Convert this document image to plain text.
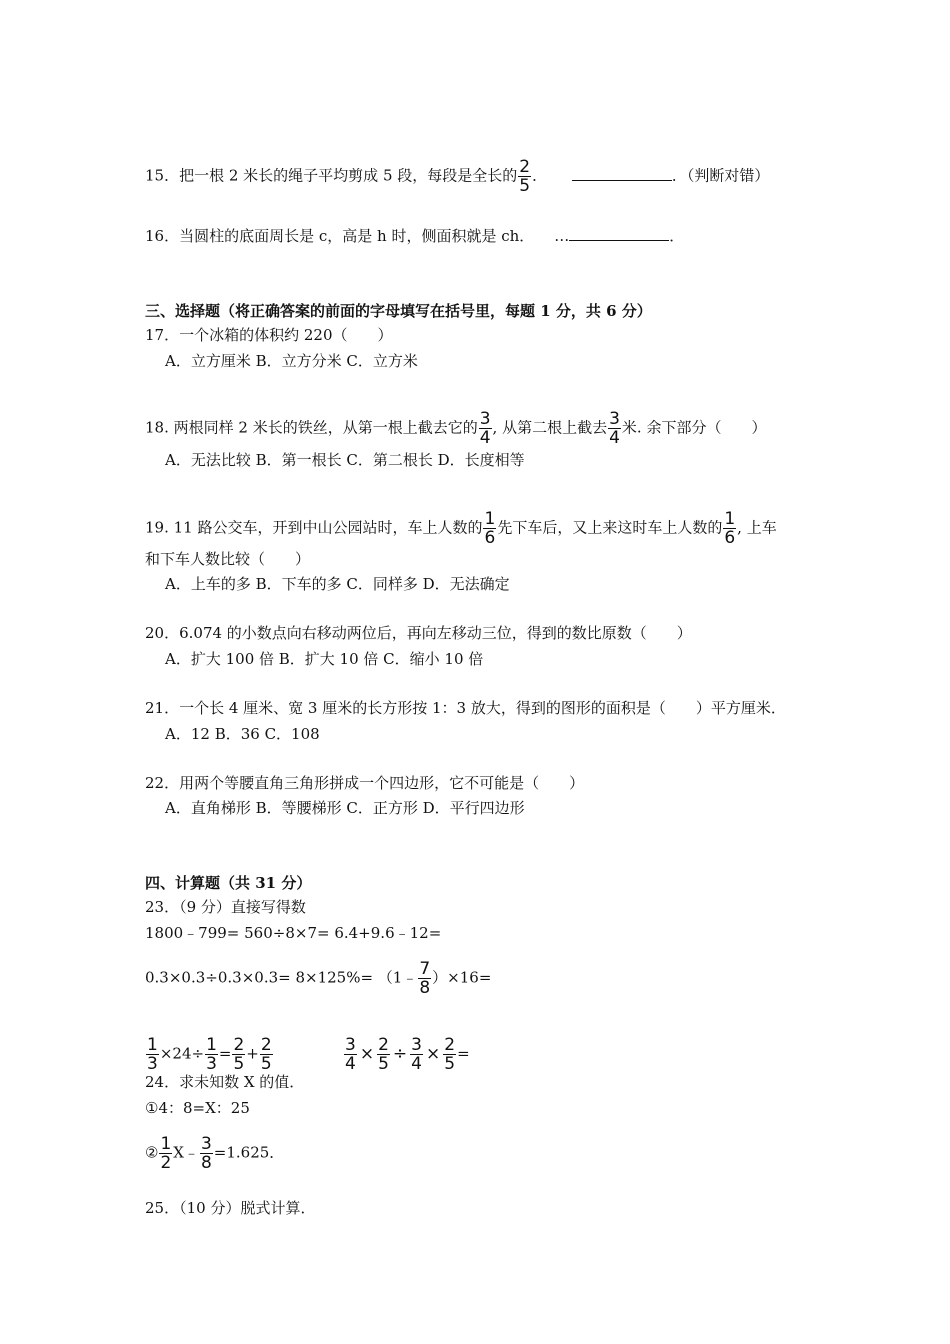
15．把一根 2 米长的绳子平均剪成 5 段，每段是全长的 $\frac{2}{5}$ ．	．（判断对错）
16．当圆柱的底面周长是 c，高是 h 时，侧面积就是 ch． …	．
三、选择题（将正确答案的前面的字母填写在括号里，每题 1 分，共 6 分）
17．一个冰箱的体积约 220（　　）
A．立方厘米 B．立方分米 C．立方米
18. 两根同样 2 米长的铁丝，从第一根上截去它的 $\frac{3}{4}$ , 从第二根上截去 $\frac{3}{4}$ 米. 余下部分（　　）
A．无法比较 B．第一根长 C．第二根长 D．长度相等
19. 11 路公交车，开到中山公园站时，车上人数的 $\frac{1}{6}$ 先下车后，又上来这时车上人数的 $\frac{1}{6}$ , 上车
和下车人数比较（　　）
A．上车的多 B．下车的多 C．同样多 D．无法确定
20．6.074 的小数点向右移动两位后，再向左移动三位，得到的数比原数（　　）
A．扩大 100 倍 B．扩大 10 倍 C．缩小 10 倍
21．一个长 4 厘米、宽 3 厘米的长方形按 1：3 放大，得到的图形的面积是（　　）平方厘米．
A．12 B．36 C．108
22．用两个等腰直角三角形拼成一个四边形，它不可能是（　　）
A．直角梯形 B．等腰梯形 C．正方形 D．平行四边形
四、计算题（共 31 分）
23．（9 分）直接写得数
1800﹣799= 560÷8×7= 6.4+9.6﹣12=
0.3×0.3÷0.3×0.3= 8×125%= （1﹣ $\frac{7}{8} )\times 16=$
$\frac{1}{3} \times 24\div \frac{1}{3} = \frac{2}{5} + \frac{2}{5}$	$\frac{3}{4} \times \frac{2}{5} \div \frac{3}{4} \times \frac{2}{5}$ =
24．求未知数 X 的值．
①4：8=X：25
② $\frac{1}{2}$ X﹣ $\frac{3}{8} =1.625$．
25．（10 分）脱式计算．
